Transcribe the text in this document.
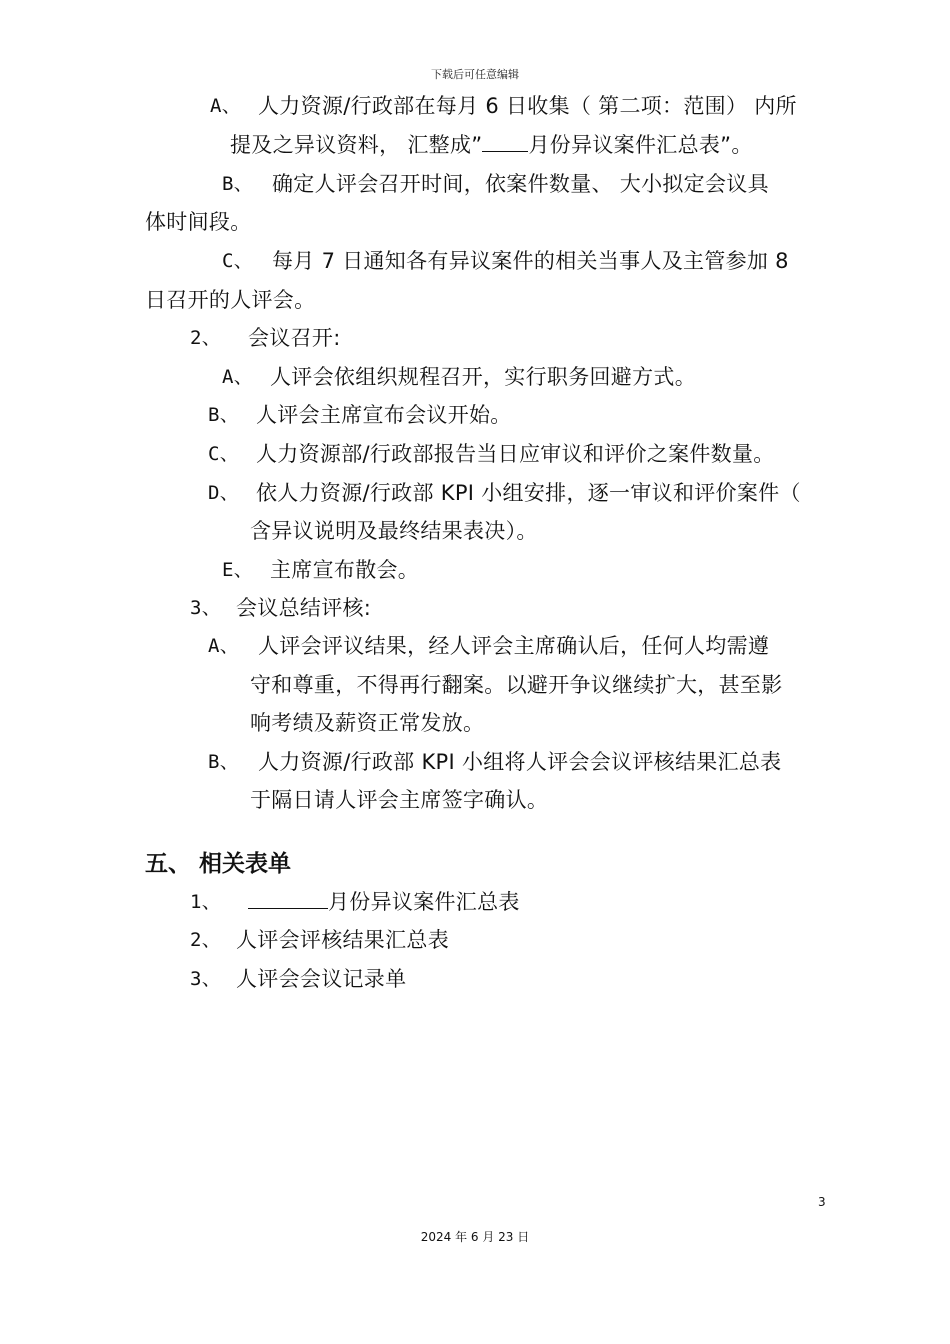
下载后可任意编辑
A、 人力资源/行政部在每月 6 日收集（ 第二项：范围） 内所
提及之异议资料， 汇整成” 月份异议案件汇总表”。
B、 确定人评会召开时间，依案件数量、 大小拟定会议具
体时间段。
C、 每月 7 日通知各有异议案件的相关当事人及主管参加 8
日召开的人评会。
2、 会议召开:
A、 人评会依组织规程召开，实行职务回避方式。
B、 人评会主席宣布会议开始。
C、 人力资源部/行政部报告当日应审议和评价之案件数量。
D、 依人力资源/行政部 KPI 小组安排，逐一审议和评价案件（
含异议说明及最终结果表决）。
E、 主席宣布散会。
3、 会议总结评核:
A、 人评会评议结果，经人评会主席确认后，任何人均需遵
守和尊重，不得再行翻案。以避开争议继续扩大，甚至影
响考绩及薪资正常发放。
B、 人力资源/行政部 KPI 小组将人评会会议评核结果汇总表
于隔日请人评会主席签字确认。
五、 相关表单
1、	月份异议案件汇总表
2、 人评会评核结果汇总表
3、 人评会会议记录单
3
2024 年 6 月 23 日
